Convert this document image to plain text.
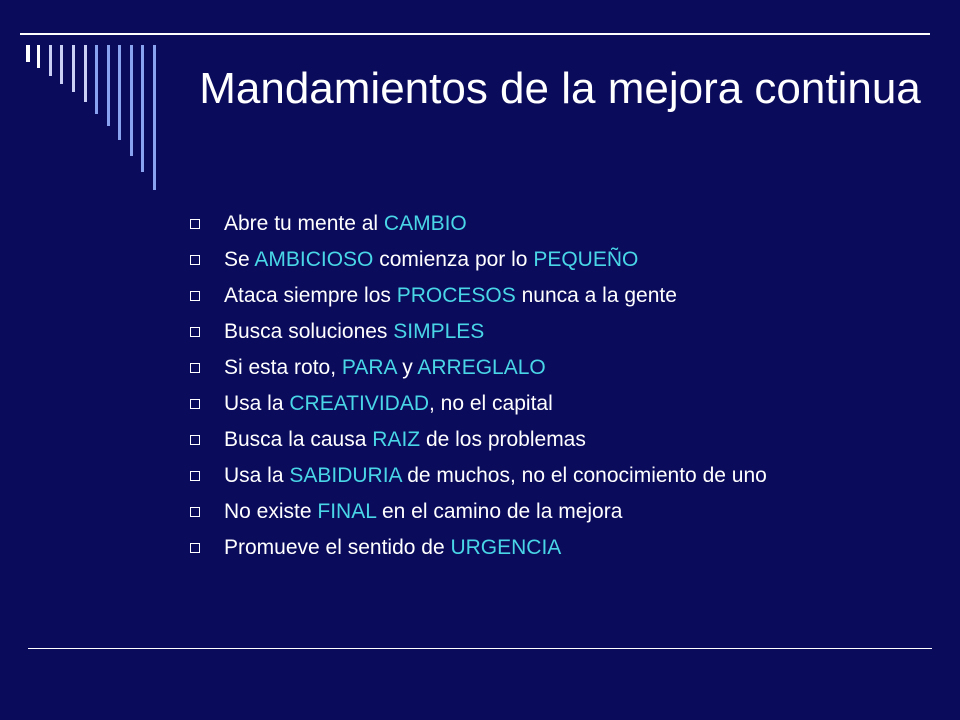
Mandamientos de la mejora continua
Abre tu mente al CAMBIO
Se AMBICIOSO comienza por lo PEQUEÑO
Ataca siempre los PROCESOS nunca a la gente
Busca soluciones SIMPLES
Si esta roto, PARA y ARREGLALO
Usa la CREATIVIDAD, no el capital
Busca la causa RAIZ de los problemas
Usa la SABIDURIA de muchos, no el conocimiento de uno
No existe FINAL en el camino de la mejora
Promueve el sentido de URGENCIA
